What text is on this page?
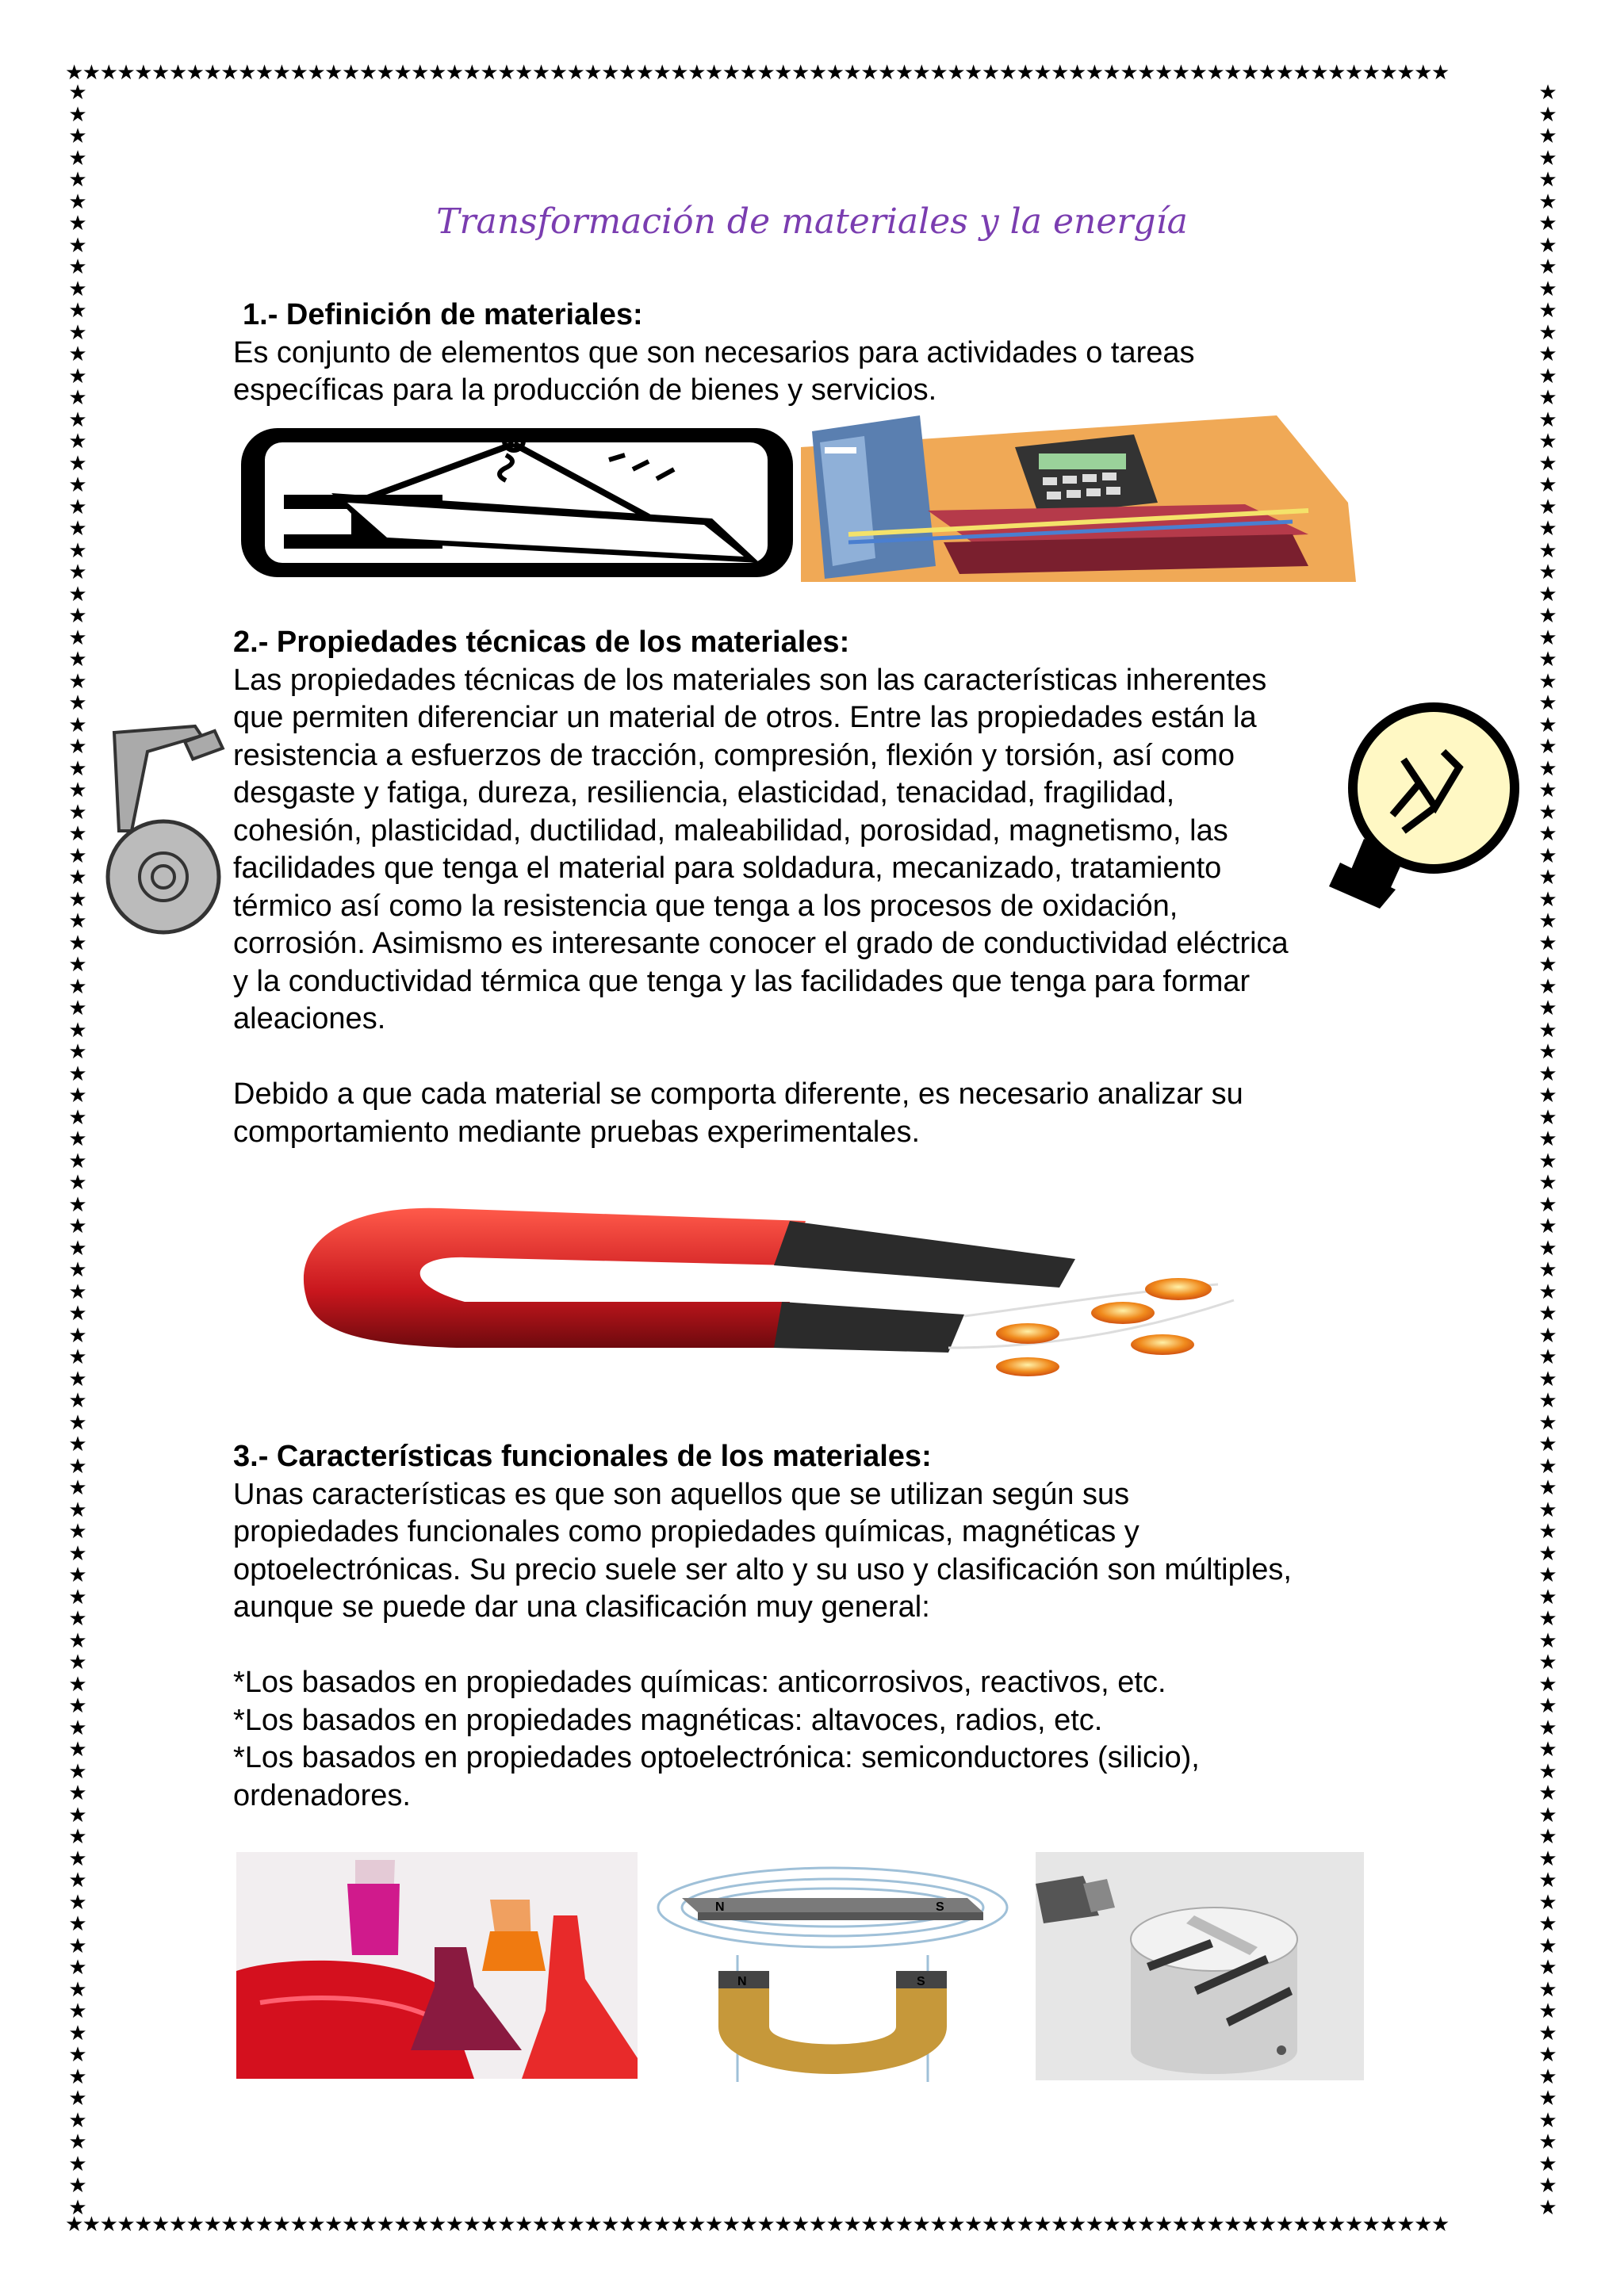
★★★★★★★★★★★★★★★★★★★★★★★★★★★★★★★★★★★★★★★★★★★★★★★★★★★★★★★★★★★★★★★★★★★★★★★★★★★★★★★★
★★★★★★★★★★★★★★★★★★★★★★★★★★★★★★★★★★★★★★★★★★★★★★★★★★★★★★★★★★★★★★★★★★★★★★★★★★★★★★★★
★★★★★★★★★★★★★★★★★★★★★★★★★★★★★★★★★★★★★★★★★★★★★★★★★★★★★★★★★★★★★★★★★★★★★★★★★★★★★★★★★★★★★★★★★★★★★★★★★★
★★★★★★★★★★★★★★★★★★★★★★★★★★★★★★★★★★★★★★★★★★★★★★★★★★★★★★★★★★★★★★★★★★★★★★★★★★★★★★★★★★★★★★★★★★★★★★★★★★
Transformación de materiales y la energía

1.- Definición de materiales:

Es conjunto de elementos que son necesarios para actividades o tareas

específicas para la producción de bienes y servicios.

2.- Propiedades técnicas de los materiales:

Las propiedades técnicas de los materiales son las características inherentes

que permiten diferenciar un material de otros. Entre las propiedades están la

resistencia a esfuerzos de tracción, compresión, flexión y torsión, así como

desgaste y fatiga, dureza, resiliencia, elasticidad, tenacidad, fragilidad,

cohesión, plasticidad, ductilidad, maleabilidad, porosidad, magnetismo, las

facilidades que tenga el material para soldadura, mecanizado, tratamiento

térmico así como la resistencia que tenga a los procesos de oxidación,

corrosión. Asimismo es interesante conocer el grado de conductividad eléctrica

y la conductividad térmica que tenga y las facilidades que tenga para formar

aleaciones.

Debido a que cada material se comporta diferente, es necesario analizar su

comportamiento mediante pruebas experimentales.

3.- Características funcionales de los materiales:

Unas características es que son aquellos que se utilizan según sus

propiedades funcionales como propiedades químicas, magnéticas y

optoelectrónicas. Su precio suele ser alto y su uso y clasificación son múltiples,

aunque se puede dar una clasificación muy general:

*Los basados en propiedades químicas: anticorrosivos, reactivos, etc.

*Los basados en propiedades magnéticas: altavoces, radios, etc.

*Los basados en propiedades optoelectrónica: semiconductores (silicio),

ordenadores.

N	S
N	S
